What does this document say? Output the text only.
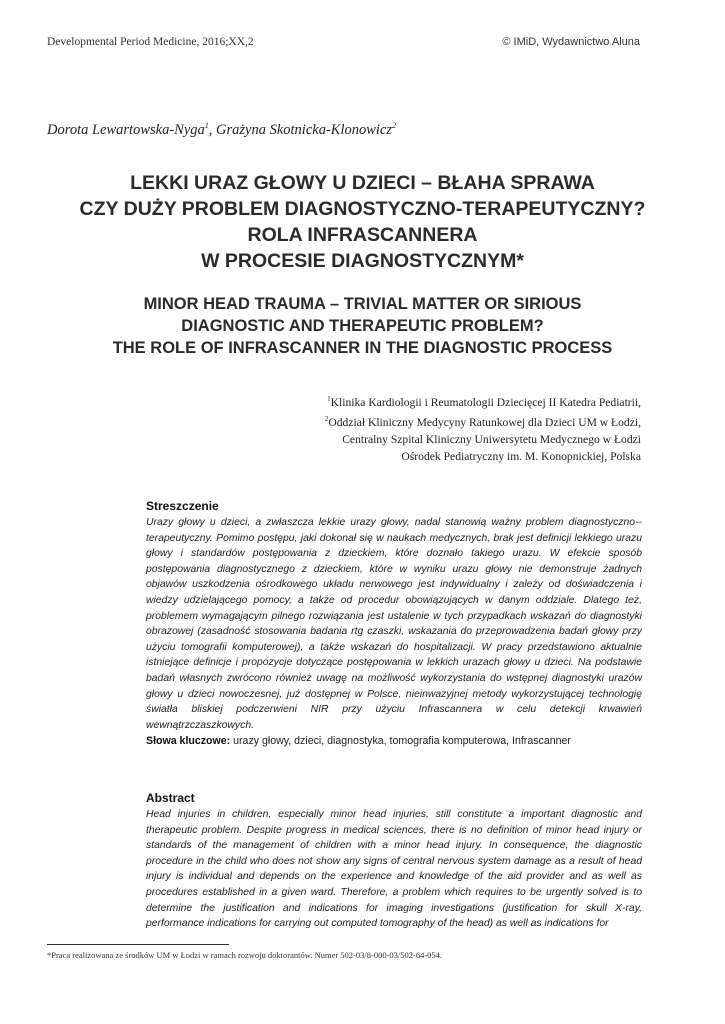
Developmental Period Medicine, 2016;XX,2	© IMiD, Wydawnictwo Aluna
Dorota Lewartowska-Nyga$^1$, Grażyna Skotnicka-Klonowicz$^2$
LEKKI URAZ GŁOWY U DZIECI – BŁAHA SPRAWA
CZY DUŻY PROBLEM DIAGNOSTYCZNO-TERAPEUTYCZNY?
ROLA INFRASCANNERA
W PROCESIE DIAGNOSTYCZNYM*
MINOR HEAD TRAUMA – TRIVIAL MATTER OR SIRIOUS
DIAGNOSTIC AND THERAPEUTIC PROBLEM?
THE ROLE OF INFRASCANNER IN THE DIAGNOSTIC PROCESS
$^1$Klinika Kardiologii i Reumatologii Dziecięcej II Katedra Pediatrii,
$^2$Oddział Kliniczny Medycyny Ratunkowej dla Dzieci UM w Łodzi,
Centralny Szpital Kliniczny Uniwersytetu Medycznego w Łodzi
Ośrodek Pediatryczny im. M. Konopnickiej, Polska
Streszczenie
Urazy głowy u dzieci, a zwłaszcza lekkie urazy głowy, nadal stanowią ważny problem diagnostyczno--terapeutyczny. Pomimo postępu, jaki dokonał się w naukach medycznych, brak jest definicji lekkiego urazu głowy i standardów postępowania z dzieckiem, które doznało takiego urazu. W efekcie sposób postępowania diagnostycznego z dzieckiem, które w wyniku urazu głowy nie demonstruje żadnych objawów uszkodzenia ośrodkowego układu nerwowego jest indywidualny i zależy od doświadczenia i wiedzy udzielającego pomocy, a także od procedur obowiązujących w danym oddziale. Dlatego też, problemem wymagającym pilnego rozwiązania jest ustalenie w tych przypadkach wskazań do diagnostyki obrazowej (zasadność stosowania badania rtg czaszki, wskazania do przeprowadzenia badań głowy przy użyciu tomografii komputerowej), a także wskazań do hospitalizacji. W pracy przedstawiono aktualnie istniejące definicje i propozycje dotyczące postępowania w lekkich urazach głowy u dzieci. Na podstawie badań własnych zwrócono również uwagę na możliwość wykorzystania do wstępnej diagnostyki urazów głowy u dzieci nowoczesnej, już dostępnej w Polsce, nieinwazyjnej metody wykorzystującej technologię światła bliskiej podczerwieni NIR przy użyciu Infrascannera w celu detekcji krwawień wewnątrzczaszkowych.
Słowa kluczowe: urazy głowy, dzieci, diagnostyka, tomografia komputerowa, Infrascanner
Abstract
Head injuries in children, especially minor head injuries, still constitute a important diagnostic and therapeutic problem. Despite progress in medical sciences, there is no definition of minor head injury or standards of the management of children with a minor head injury. In consequence, the diagnostic procedure in the child who does not show any signs of central nervous system damage as a result of head injury is individual and depends on the experience and knowledge of the aid provider and as well as procedures established in a given ward. Therefore, a problem which requires to be urgently solved is to determine the justification and indications for imaging investigations (justification for skull X-ray, performance indications for carrying out computed tomography of the head) as well as indications for
*Praca realizowana ze środków UM w Łodzi w ramach rozwoju doktorantów. Numer 502-03/8-000-03/502-64-054.
